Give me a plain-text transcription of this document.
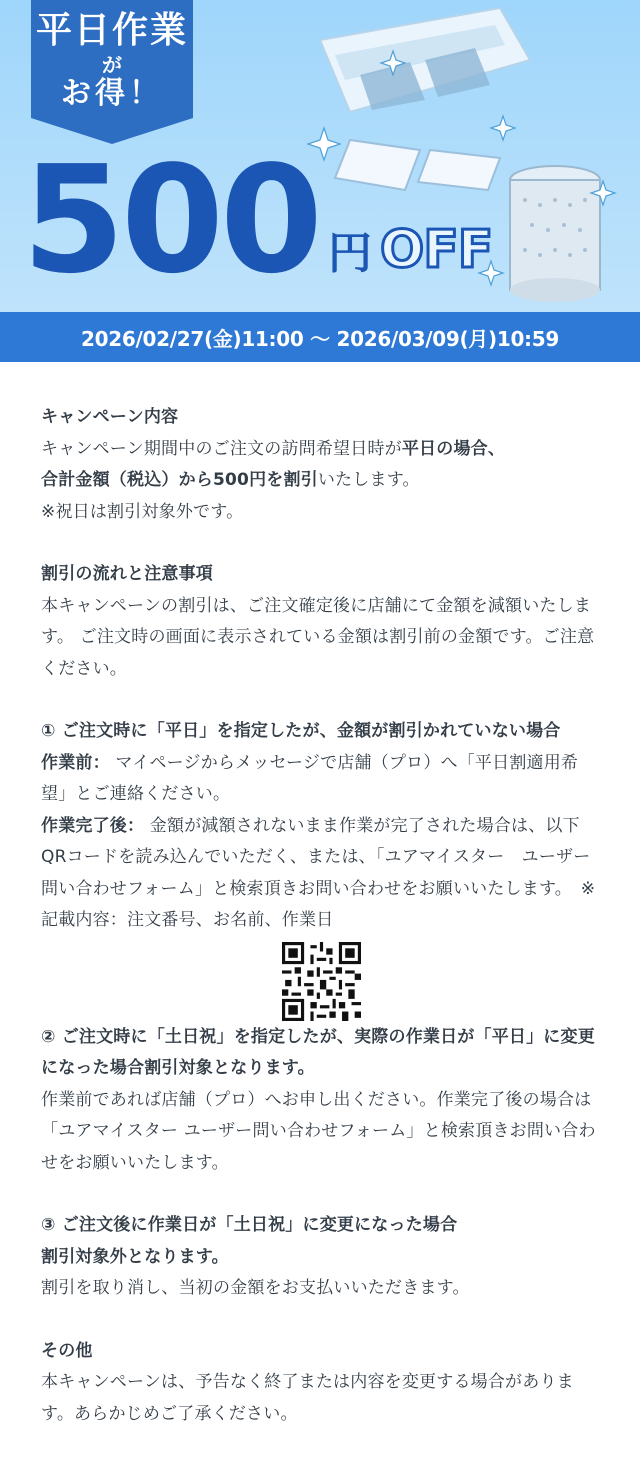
平日作業
が
お得！
500 円 OFF
2026/02/27(金)11:00 〜 2026/03/09(月)10:59
キャンペーン内容

キャンペーン期間中のご注文の訪問希望日時が平日の場合、
合計金額（税込）から500円を割引いたします。

※祝日は割引対象外です。

割引の流れと注意事項

本キャンペーンの割引は、ご注文確定後に店舗にて金額を減額いたします。 ご注文時の画面に表示されている金額は割引前の金額です。ご注意ください。

① ご注文時に「平日」を指定したが、金額が割引かれていない場合

作業前： マイページからメッセージで店舗（プロ）へ「平日割適用希望」とご連絡ください。

作業完了後： 金額が減額されないまま作業が完了された場合は、以下QRコードを読み込んでいただく、または、「ユアマイスター　ユーザー問い合わせフォーム」と検索頂きお問い合わせをお願いいたします。　※記載内容：注文番号、お名前、作業日

② ご注文時に「土日祝」を指定したが、実際の作業日が「平日」に変更になった場合割引対象となります。

作業前であれば店舗（プロ）へお申し出ください。作業完了後の場合は「ユアマイスター ユーザー問い合わせフォーム」と検索頂きお問い合わせをお願いいたします。

③ ご注文後に作業日が「土日祝」に変更になった場合
割引対象外となります。

割引を取り消し、当初の金額をお支払いいただきます。

その他

本キャンペーンは、予告なく終了または内容を変更する場合があります。あらかじめご了承ください。
